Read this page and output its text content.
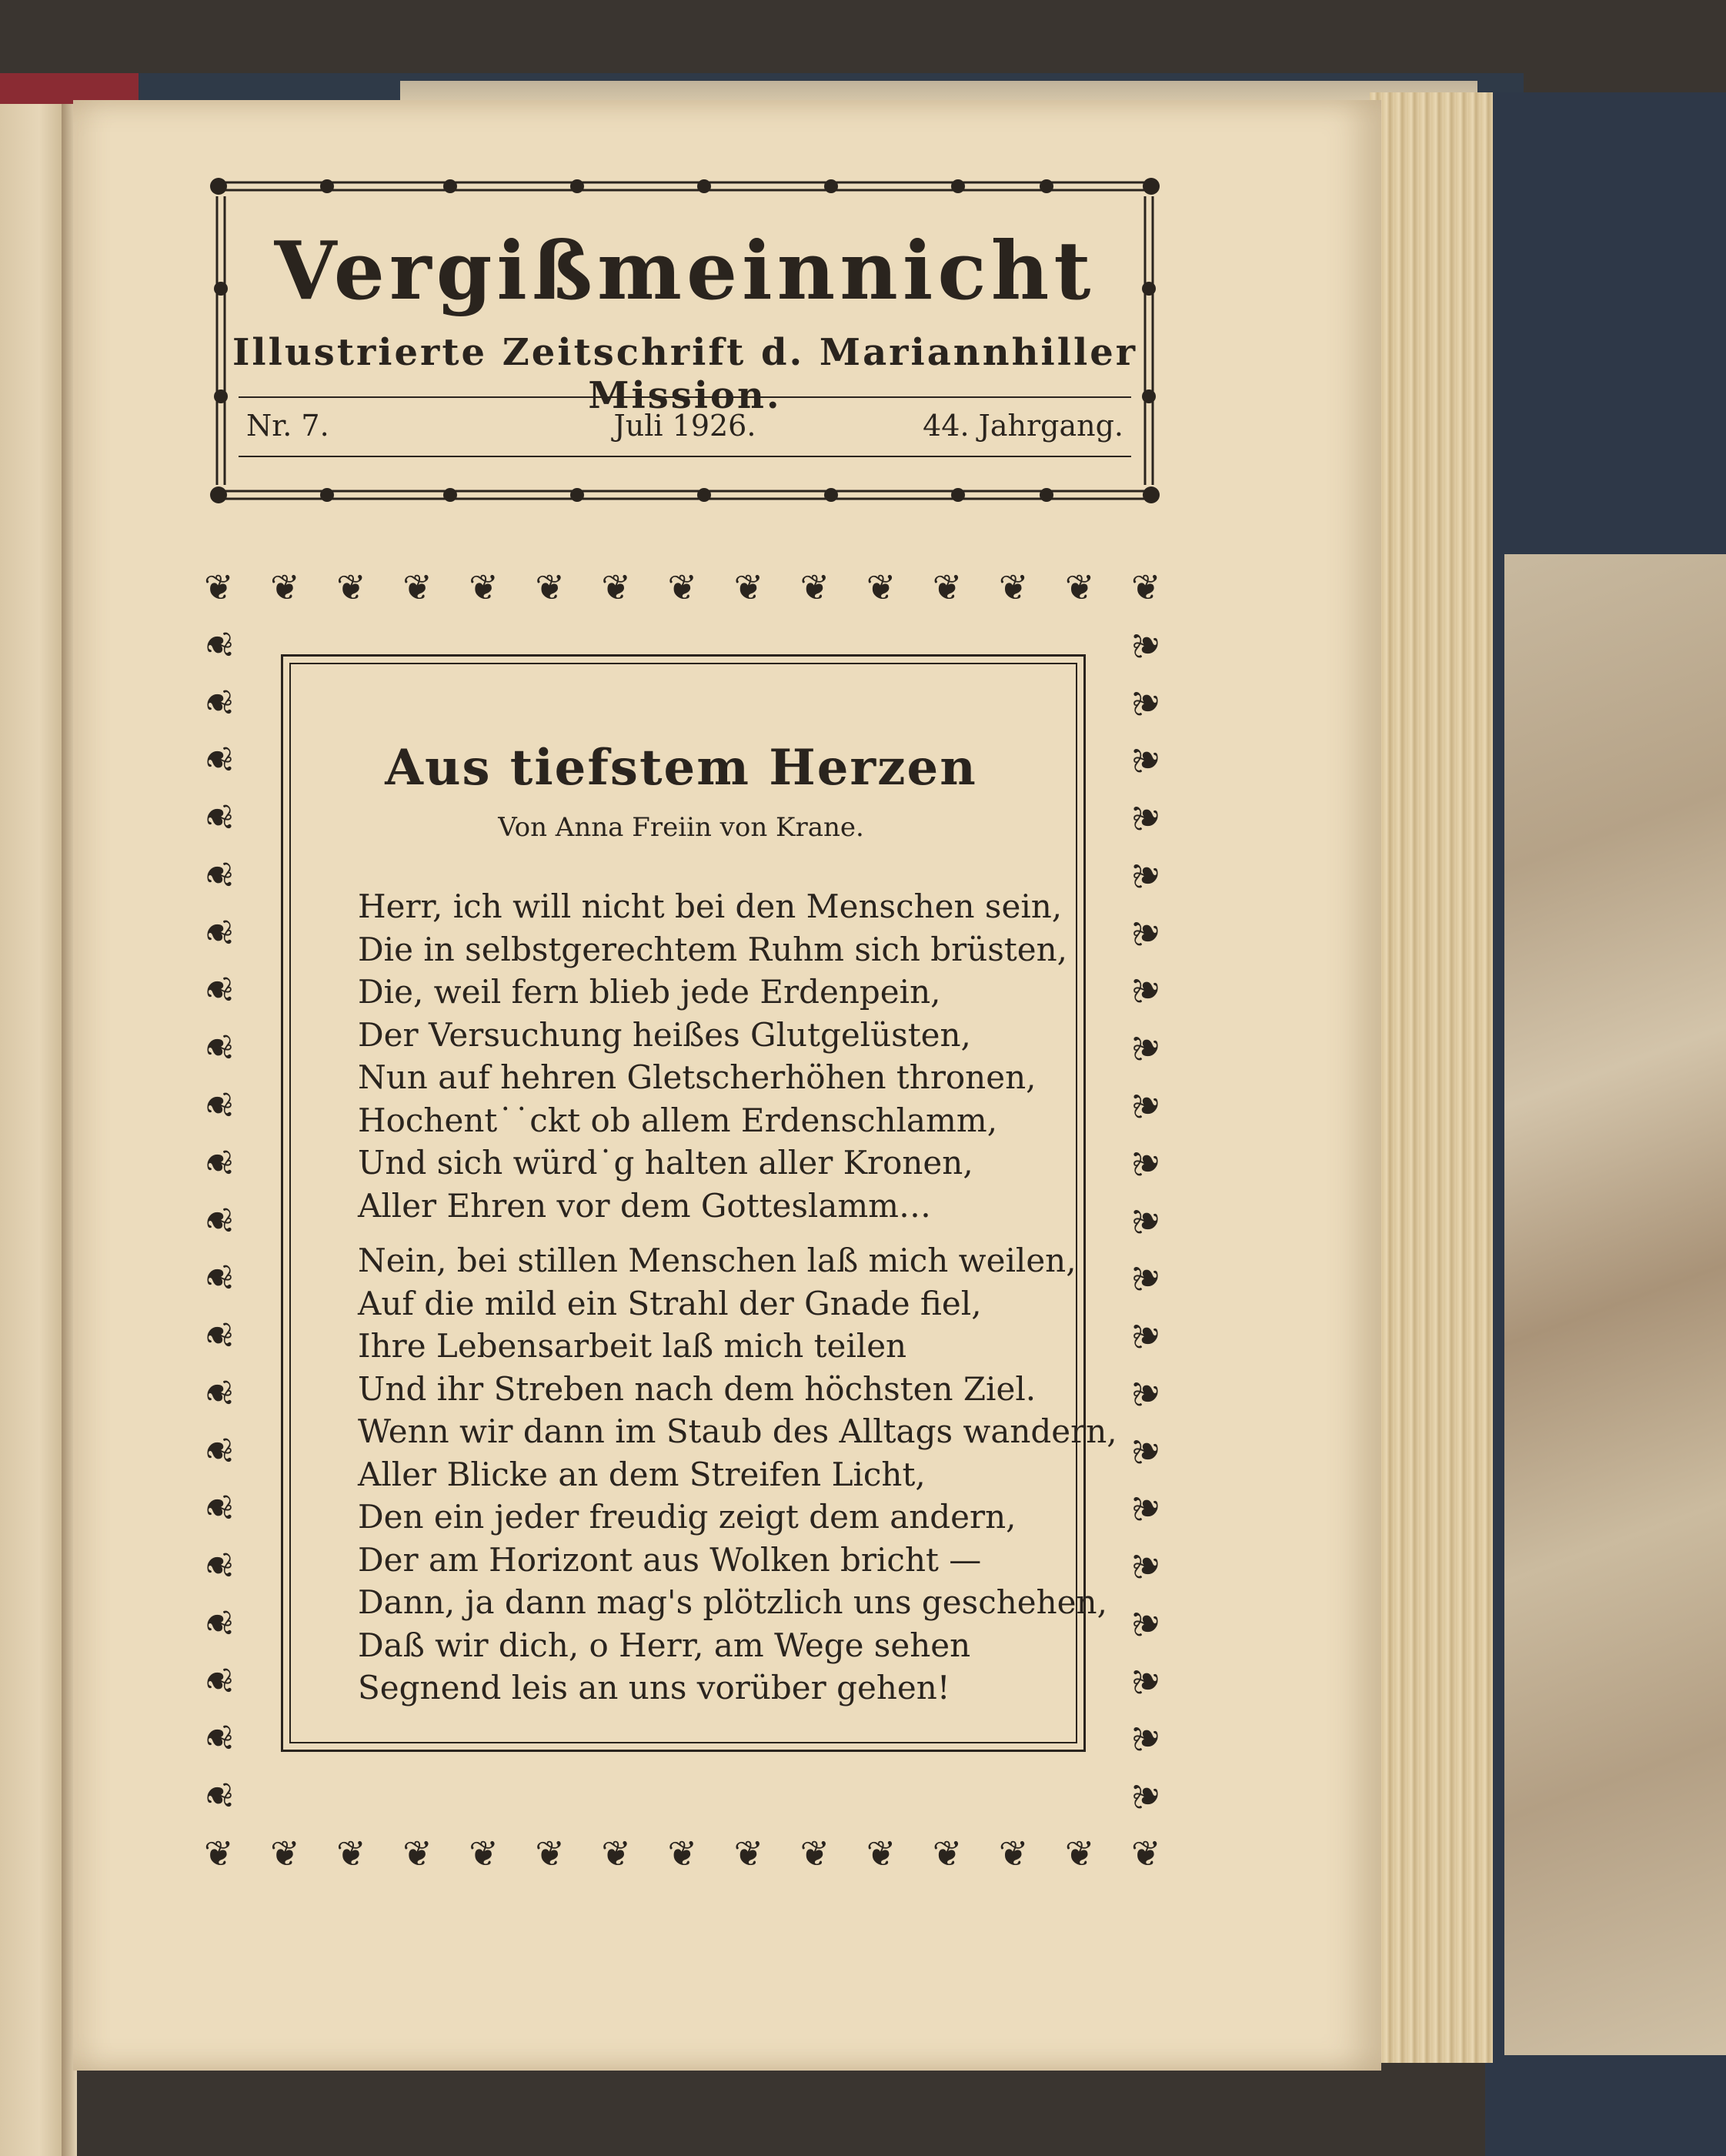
Vergißmeinnicht
Illustrierte Zeitschrift d. Mariannhiller Mission.
Nr. 7.	Juli 1926.	44. Jahrgang.
❦
❦
❦
❦
❦
❦
❦
❦
❦
❦
❦
❦
❦
❦
❦
❦
❦
❦
❦
❦
❦
❦
❦
❦
❦
❦
❦
❦
❦
❦
❦	❦
❦	❦
❦	❦
❦	❦
❦	❦
❦	❦
❦	❦
❦	❦
❦	❦
❦	❦
❦	❦
❦	❦
❦	❦
❦	❦
❦	❦
❦	❦
❦	❦
❦	❦
❦	❦
❦	❦
❦	❦
Aus tiefstem Herzen
Von Anna Freiin von Krane.
Herr, ich will nicht bei den Menschen sein,
Die in selbstgerechtem Ruhm sich brüsten,
Die, weil fern blieb jede Erdenpein,
Der Versuchung heißes Glutgelüsten,
Nun auf hehren Gletscherhöhen thronen,
Hochent˙˙ckt ob allem Erdenschlamm,
Und sich würd˙g halten aller Kronen,
Aller Ehren vor dem Gotteslamm…
Nein, bei stillen Menschen laß mich weilen,
Auf die mild ein Strahl der Gnade fiel,
Ihre Lebensarbeit laß mich teilen
Und ihr Streben nach dem höchsten Ziel.
Wenn wir dann im Staub des Alltags wandern,
Aller Blicke an dem Streifen Licht,
Den ein jeder freudig zeigt dem andern,
Der am Horizont aus Wolken bricht —
Dann, ja dann mag's plötzlich uns geschehen,
Daß wir dich, o Herr, am Wege sehen
Segnend leis an uns vorüber gehen!
